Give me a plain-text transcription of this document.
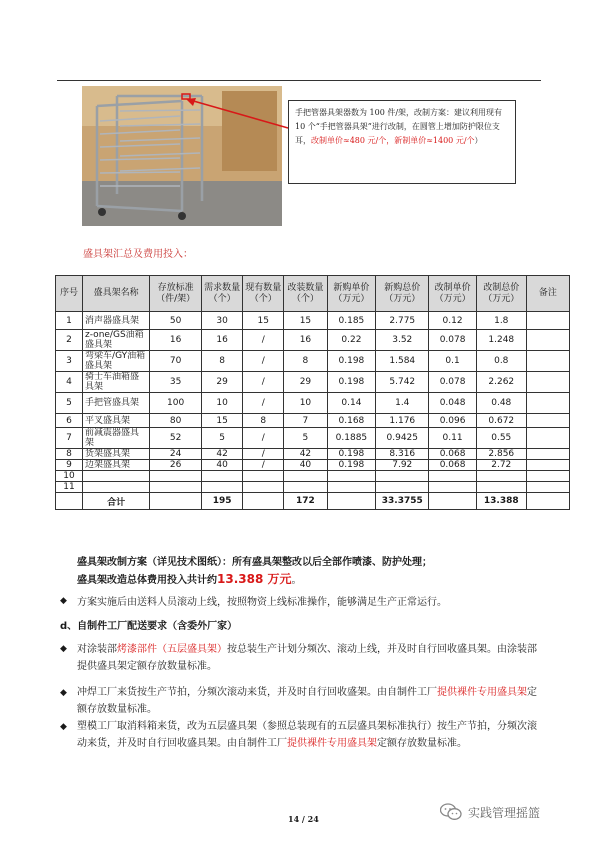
手把管器具架器数为 100 件/架，改制方案：建议利用现有 10 个“手把管器具架”进行改制，在圆管上增加防护限位支耳，改制单价≈480 元/个，新制单价≈1400 元/个）
盛具架汇总及费用投入：
序号	盛具架名称	存放标准（件/架）	需求数量（个）	现有数量（个）	改装数量（个）	新购单价（万元）	新购总价（万元）	改制单价（万元）	改制总价（万元）	备注
1	消声器盛具架	50	30	15	15	0.185	2.775	0.12	1.8	
2	z-one/GS油箱盛具架	16	16	/	16	0.22	3.52	0.078	1.248	
3	弯梁车/GY油箱盛具架	70	8	/	8	0.198	1.584	0.1	0.8	
4	骑士车油箱盛具架	35	29	/	29	0.198	5.742	0.078	2.262	
5	手把管盛具架	100	10	/	10	0.14	1.4	0.048	0.48	
6	平叉盛具架	80	15	8	7	0.168	1.176	0.096	0.672	
7	前减震器盛具架	52	5	/	5	0.1885	0.9425	0.11	0.55	
8	货架盛具架	24	42	/	42	0.198	8.316	0.068	2.856	
9	边架盛具架	26	40	/	40	0.198	7.92	0.068	2.72	
10										
11										
	合计		195		172		33.3755		13.388	
盛具架改制方案（详见技术图纸）：所有盛具架整改以后全部作喷漆、防护处理；
盛具架改造总体费用投入共计约13.388 万元。
◆ 方案实施后由送料人员滚动上线，按照物资上线标准操作，能够满足生产正常运行。
d、自制件工厂配送要求（含委外厂家）
◆ 对涂装部烤漆部件（五层盛具架）按总装生产计划分频次、滚动上线，并及时自行回收盛具架。由涂装部提供盛具架定额存放数量标准。
◆ 冲焊工厂来货按生产节拍，分频次滚动来货，并及时自行回收盛架。由自制件工厂提供裸件专用盛具架定额存放数量标准。
◆ 塑模工厂取消料箱来货，改为五层盛具架（参照总装现有的五层盛具架标准执行）按生产节拍，分频次滚动来货，并及时自行回收盛具架。由自制件工厂提供裸件专用盛具架定额存放数量标准。
14 / 24	实践管理摇篮
